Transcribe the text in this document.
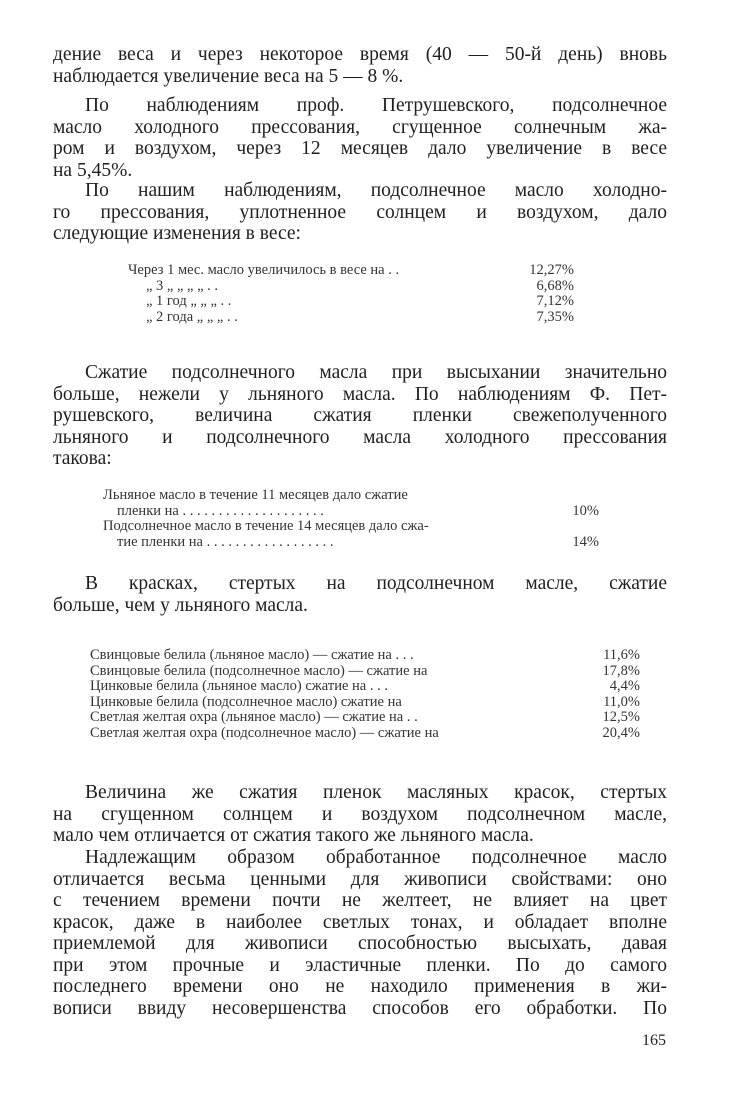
дение веса и через некоторое время (40 — 50-й день) вновь
наблюдается увеличение веса на 5 — 8 %.

По наблюдениям проф. Петрушевского, подсолнечное
масло холодного прессования, сгущенное солнечным жа-
ром и воздухом, через 12 месяцев дало увеличение в весе
на 5,45%.

По нашим наблюдениям, подсолнечное масло холодно-
го прессования, уплотненное солнцем и воздухом, дало
следующие изменения в весе:

Через 1 мес. масло увеличилось в весе на . .	12,27%
„ 3 „ „ „ „ . .	6,68%
„ 1 год „ „ „ . .	7,12%
„ 2 года „ „ „ . .	7,35%

Сжатие подсолнечного масла при высыхании значительно
больше, нежели у льняного масла. По наблюдениям Ф. Пет-
рушевского, величина сжатия пленки свежеполученного
льняного и подсолнечного масла холодного прессования
такова:

Льняное масло в течение 11 месяцев дало сжатие
пленки на . . . . . . . . . . . . . . . . . . . .	10%
Подсолнечное масло в течение 14 месяцев дало сжа-
тие пленки на . . . . . . . . . . . . . . . . . .	14%

В красках, стертых на подсолнечном масле, сжатие
больше, чем у льняного масла.

Свинцовые белила (льняное масло) — сжатие на . . .	11,6%
Свинцовые белила (подсолнечное масло) — сжатие на	17,8%
Цинковые белила (льняное масло) сжатие на . . .	4,4%
Цинковые белила (подсолнечное масло) сжатие на	11,0%
Светлая желтая охра (льняное масло) — сжатие на . .	12,5%
Светлая желтая охра (подсолнечное масло) — сжатие на	20,4%

Величина же сжатия пленок масляных красок, стертых
на сгущенном солнцем и воздухом подсолнечном масле,
мало чем отличается от сжатия такого же льняного масла.

Надлежащим образом обработанное подсолнечное масло
отличается весьма ценными для живописи свойствами: оно
с течением времени почти не желтеет, не влияет на цвет
красок, даже в наиболее светлых тонах, и обладает вполне
приемлемой для живописи способностью высыхать, давая
при этом прочные и эластичные пленки. По до самого
последнего времени оно не находило применения в жи-
вописи ввиду несовершенства способов его обработки. По

165
